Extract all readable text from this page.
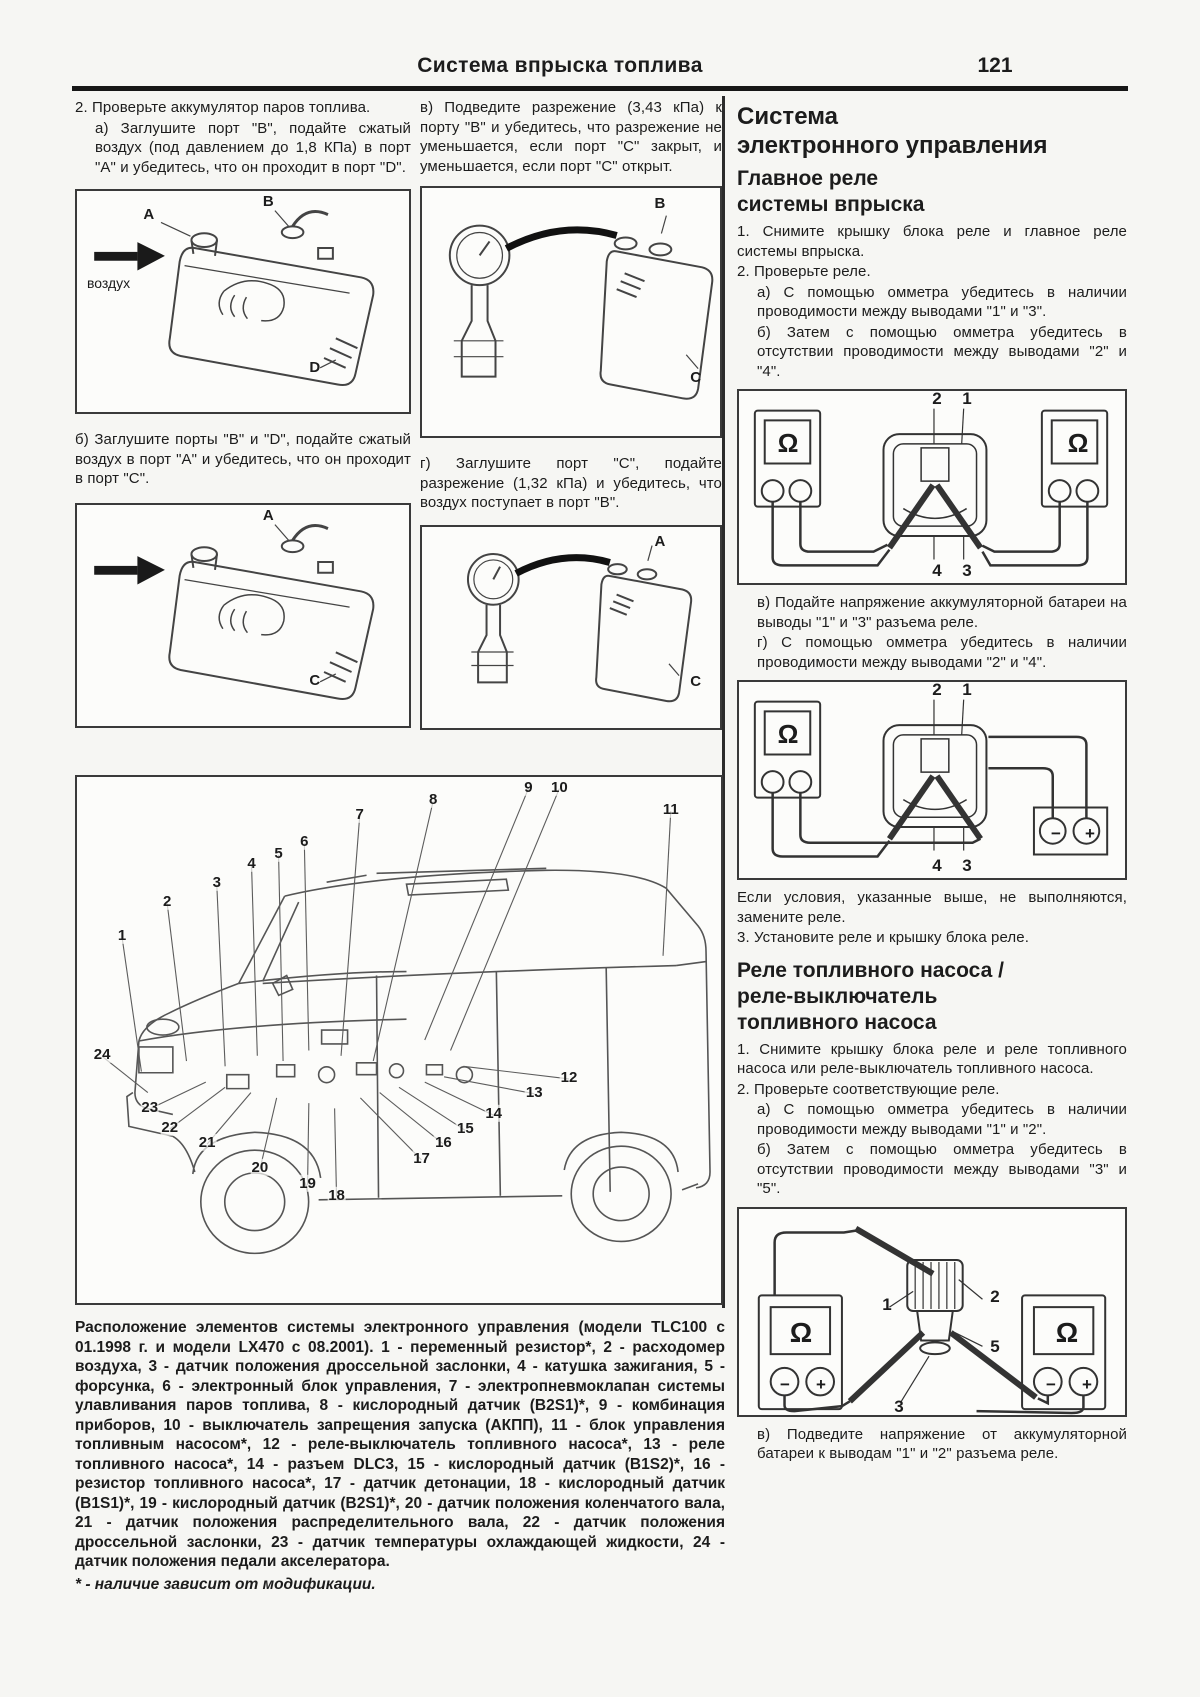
Система впрыска топлива	121

2. Проверьте аккумулятор паров топлива.

а) Заглушите порт "В", подайте сжатый воздух (под давлением до 1,8 КПа) в порт "А" и убедитесь, что он проходит в порт "D".

воздух
А
В
D

б) Заглушите порты "В" и "D", подайте сжатый воздух в порт "А" и убедитесь, что он проходит в порт "С".

А
С

в) Подведите разрежение (3,43 кПа) к порту "В" и убедитесь, что разрежение не уменьшается, если порт "С" закрыт, и уменьшается, если порт "С" открыт.

В
С

г) Заглушите порт "С", подайте разрежение (1,32 кПа) и убедитесь, что воздух поступает в порт "В".

А
С
Система
электронного управления
Главное реле
системы впрыска

1. Снимите крышку блока реле и главное реле системы впрыска.

2. Проверьте реле.

а) С помощью омметра убедитесь в наличии проводимости между выводами "1" и "3".

б) Затем с помощью омметра убедитесь в отсутствии проводимости между выводами "2" и "4".

Ω	Ω
2	1
4	3

в) Подайте напряжение аккумуляторной батареи на выводы "1" и "3" разъема реле.

г) С помощью омметра убедитесь в наличии проводимости между выводами "2" и "4".

Ω
2	1
4	3
− +

Если условия, указанные выше, не выполняются, замените реле.

3. Установите реле и крышку блока реле.

Реле топливного насоса /
реле-выключатель
топливного насоса

1. Снимите крышку блока реле и реле топливного насоса или реле-выключатель топливного насоса.

2. Проверьте соответствующие реле.

а) С помощью омметра убедитесь в наличии проводимости между выводами "1" и "2".

б) Затем с помощью омметра убедитесь в отсутствии проводимости между выводами "3" и "5".

Ω	Ω
− +	− +
1	2
5
3

в) Подведите напряжение от аккумуляторной батареи к выводам "1" и "2" разъема реле.

1
2
3
4
5
6
7
8
9 10
11
12
13
14
15
16
17
18
19
20
21
22
23
24
Расположение элементов системы электронного управления (модели TLC100 с 01.1998 г. и модели LX470 с 08.2001). 1 - переменный резистор*, 2 - расходомер воздуха, 3 - датчик положения дроссельной заслонки, 4 - катушка зажигания, 5 - форсунка, 6 - электронный блок управления, 7 - электропневмоклапан системы улавливания паров топлива, 8 - кислородный датчик (B2S1)*, 9 - комбинация приборов, 10 - выключатель запрещения запуска (АКПП), 11 - блок управления топливным насосом*, 12 - реле-выключатель топливного насоса*, 13 - реле топливного насоса*, 14 - разъем DLC3, 15 - кислородный датчик (B1S2)*, 16 - резистор топливного насоса*, 17 - датчик детонации, 18 - кислородный датчик (B1S1)*, 19 - кислородный датчик (B2S1)*, 20 - датчик положения коленчатого вала, 21 - датчик положения распределительного вала, 22 - датчик положения дроссельной заслонки, 23 - датчик температуры охлаждающей жидкости, 24 - датчик положения педали акселератора.
* - наличие зависит от модификации.
